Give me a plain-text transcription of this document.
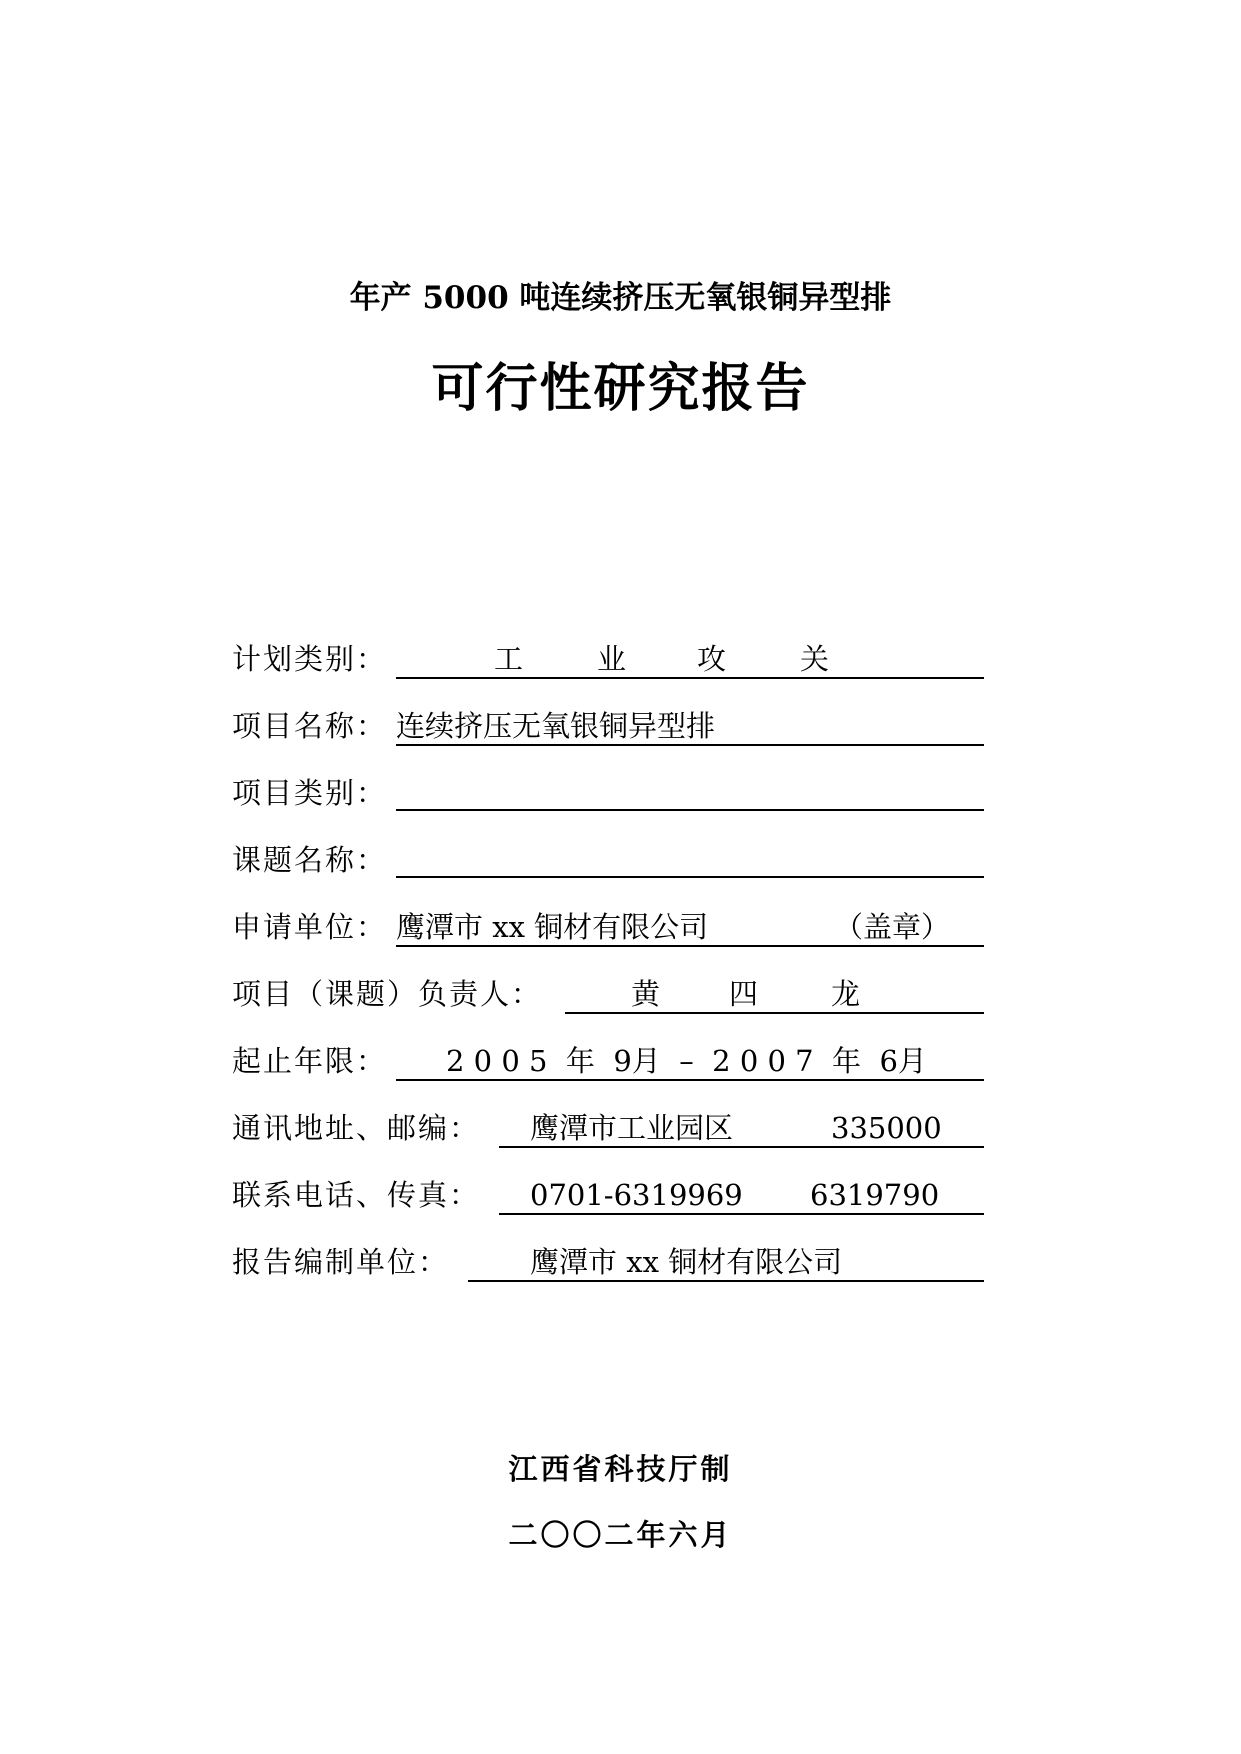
年产 5000 吨连续挤压无氧银铜异型排
可行性研究报告
计划类别：	工	业 攻	关
项目名称： 连续挤压无氧银铜异型排
项目类别：
课题名称：
申请单位： 鹰潭市 xx 铜材有限公司	（盖章）
项目（课题）负责人：	黄 四	龙
起止年限： 2 0 0 5  年  9月  –  2 0 0 7  年  6月
通讯地址、邮编： 鹰潭市工业园区	335000
联系电话、传真： 0701-6319969 6319790
报告编制单位：	鹰潭市 xx 铜材有限公司
江西省科技厅制
二〇〇二年六月
